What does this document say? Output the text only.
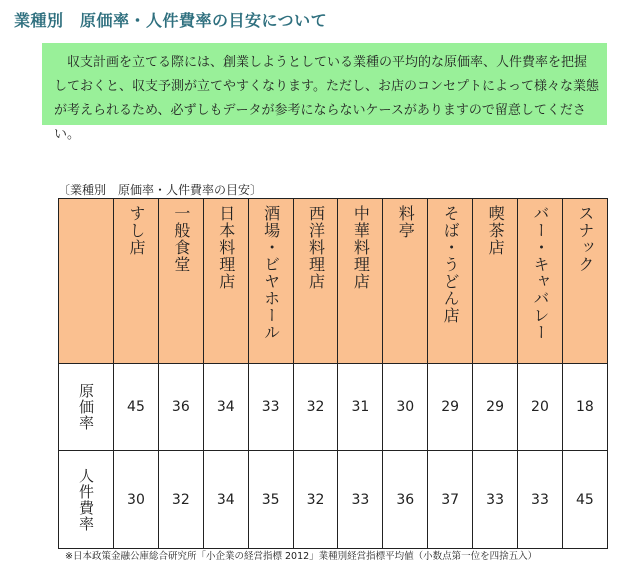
業種別　原価率・人件費率の目安について

収支計画を立てる際には、創業しようとしている業種の平均的な原価率、人件費率を把握しておくと、収支予測が立てやすくなります。ただし、お店のコンセプトによって様々な業態が考えられるため、必ずしもデータが参考にならないケースがありますので留意してください。

〔業種別　原価率・人件費率の目安〕

	すし店	一般食堂	日本料理店	酒場・ビヤホール	西洋料理店	中華料理店	料亭	そば・うどん店	喫茶店	バー・キャバレー	スナック

原価率	45	36	34	33	32	31	30	29	29	20	18

人件費率	30	32	34	35	32	33	36	37	33	33	45
※日本政策金融公庫総合研究所「小企業の経営指標 2012」業種別経営指標平均値（小数点第一位を四捨五入）
